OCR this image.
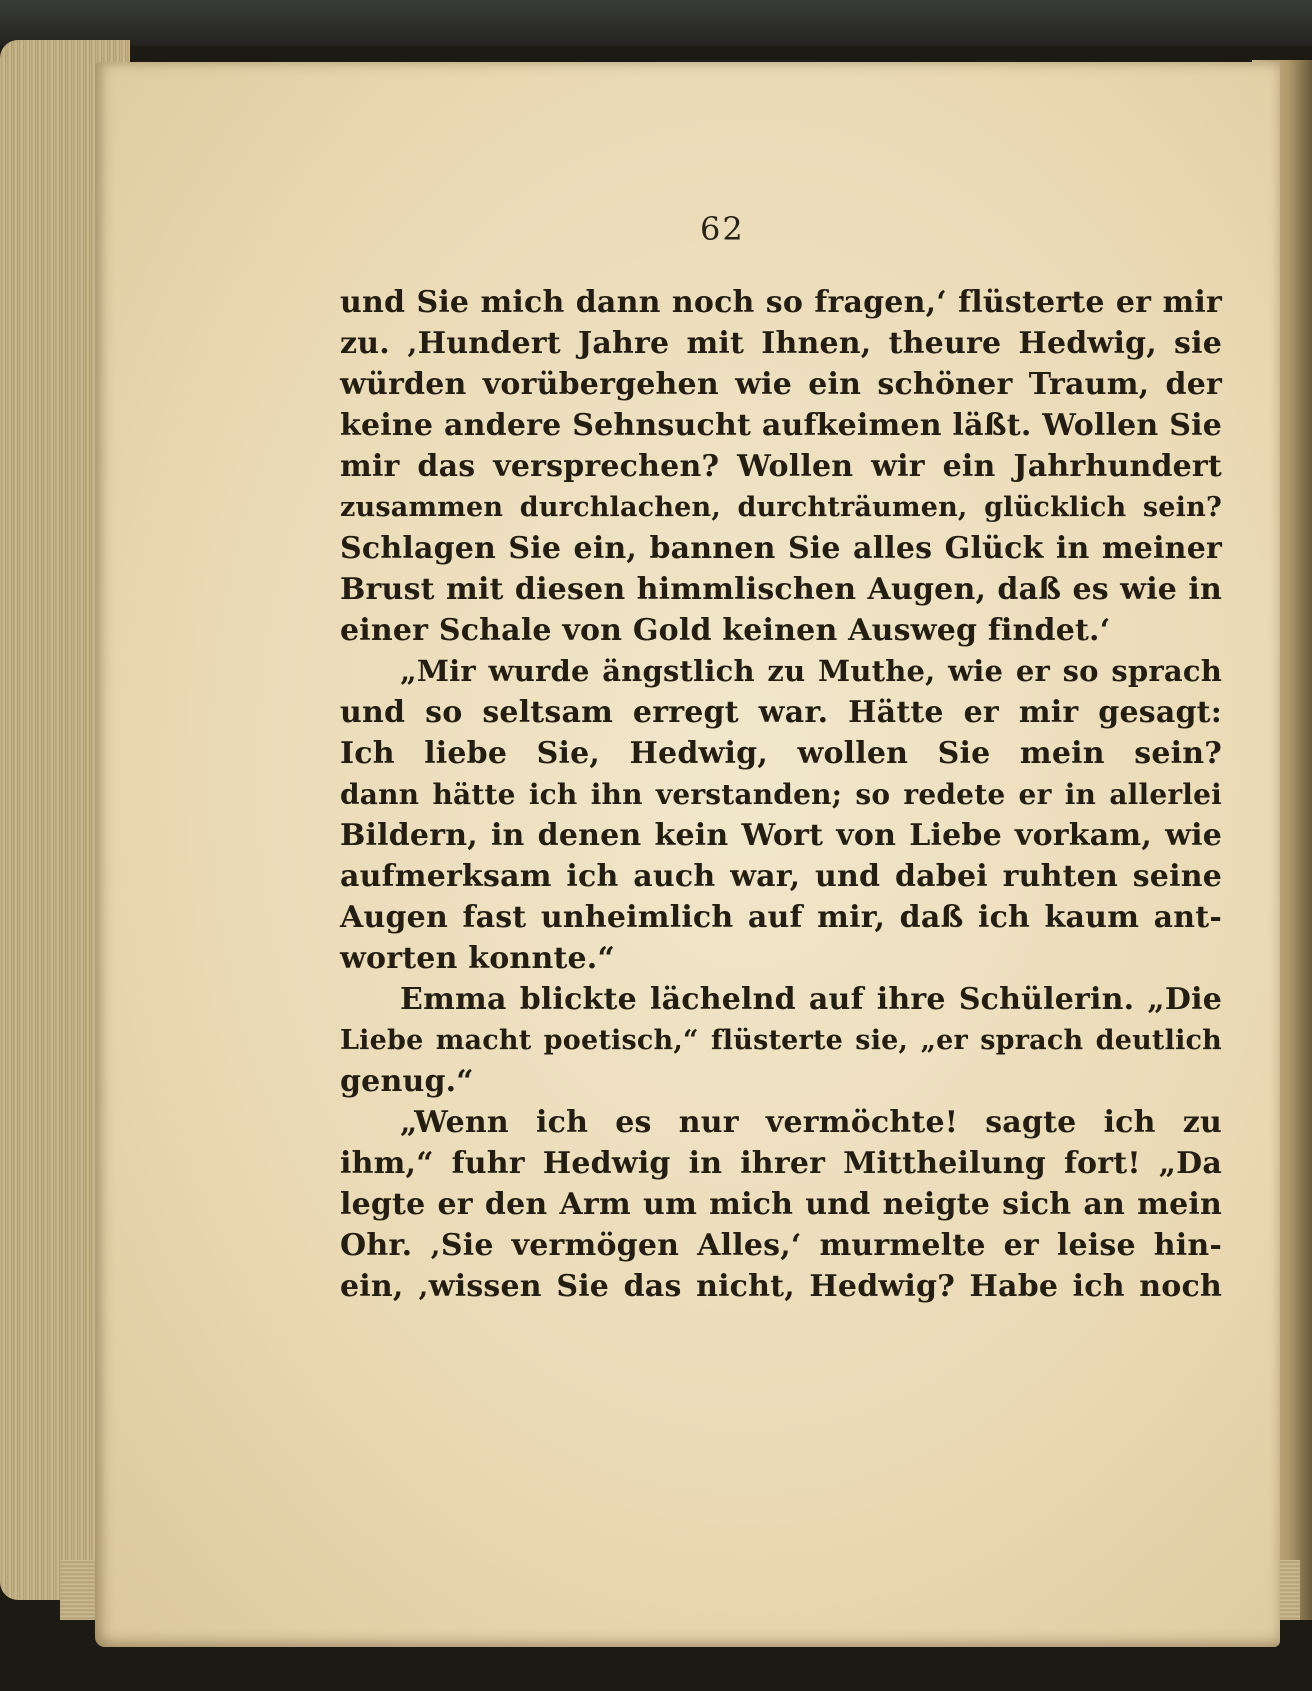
62
und Sie mich dann noch so fragen,‘ flüsterte er mir
zu. ‚Hundert Jahre mit Ihnen, theure Hedwig, sie
würden vorübergehen wie ein schöner Traum, der
keine andere Sehnsucht aufkeimen läßt. Wollen Sie
mir das versprechen? Wollen wir ein Jahrhundert
zusammen durchlachen, durchträumen, glücklich sein?
Schlagen Sie ein, bannen Sie alles Glück in meiner
Brust mit diesen himmlischen Augen, daß es wie in
einer Schale von Gold keinen Ausweg findet.‘
„Mir wurde ängstlich zu Muthe, wie er so sprach
und so seltsam erregt war. Hätte er mir gesagt:
Ich liebe Sie, Hedwig, wollen Sie mein sein?
dann hätte ich ihn verstanden; so redete er in allerlei
Bildern, in denen kein Wort von Liebe vorkam, wie
aufmerksam ich auch war, und dabei ruhten seine
Augen fast unheimlich auf mir, daß ich kaum ant-
worten konnte.“
Emma blickte lächelnd auf ihre Schülerin. „Die
Liebe macht poetisch,“ flüsterte sie, „er sprach deutlich
genug.“
„Wenn ich es nur vermöchte! sagte ich zu
ihm,“ fuhr Hedwig in ihrer Mittheilung fort! „Da
legte er den Arm um mich und neigte sich an mein
Ohr. ‚Sie vermögen Alles,‘ murmelte er leise hin-
ein, ‚wissen Sie das nicht, Hedwig? Habe ich noch
